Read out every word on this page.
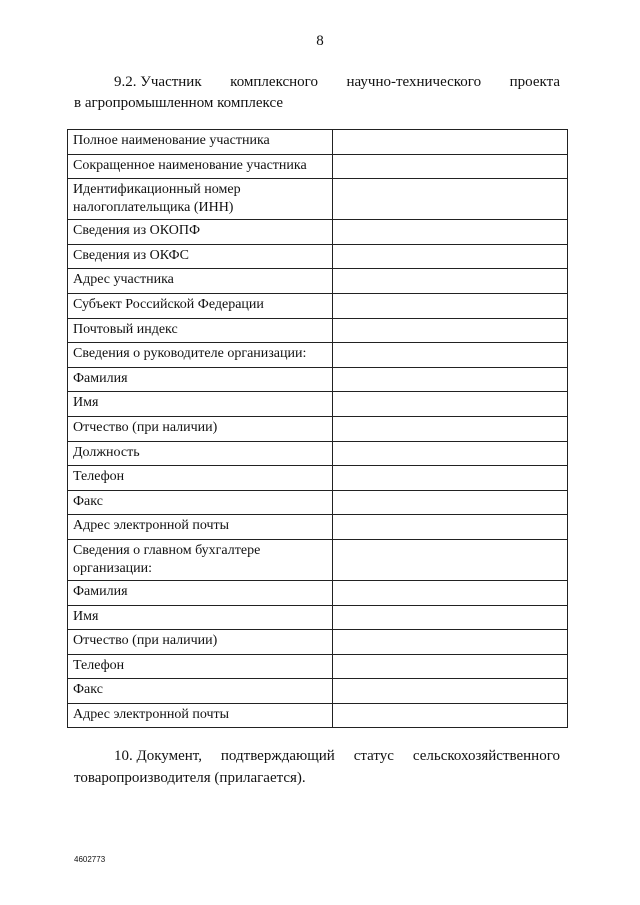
8
9.2. Участник комплексного научно-технического проекта
в агропромышленном комплексе
Полное наименование участника	
Сокращенное наименование участника	
Идентификационный номер налогоплательщика (ИНН)	
Сведения из ОКОПФ	
Сведения из ОКФС	
Адрес участника	
Субъект Российской Федерации	
Почтовый индекс	
Сведения о руководителе организации:	
Фамилия	
Имя	
Отчество (при наличии)	
Должность	
Телефон	
Факс	
Адрес электронной почты	
Сведения о главном бухгалтере организации:	
Фамилия	
Имя	
Отчество (при наличии)	
Телефон	
Факс	
Адрес электронной почты	
10. Документ, подтверждающий статус сельскохозяйственного
товаропроизводителя (прилагается).
4602773
